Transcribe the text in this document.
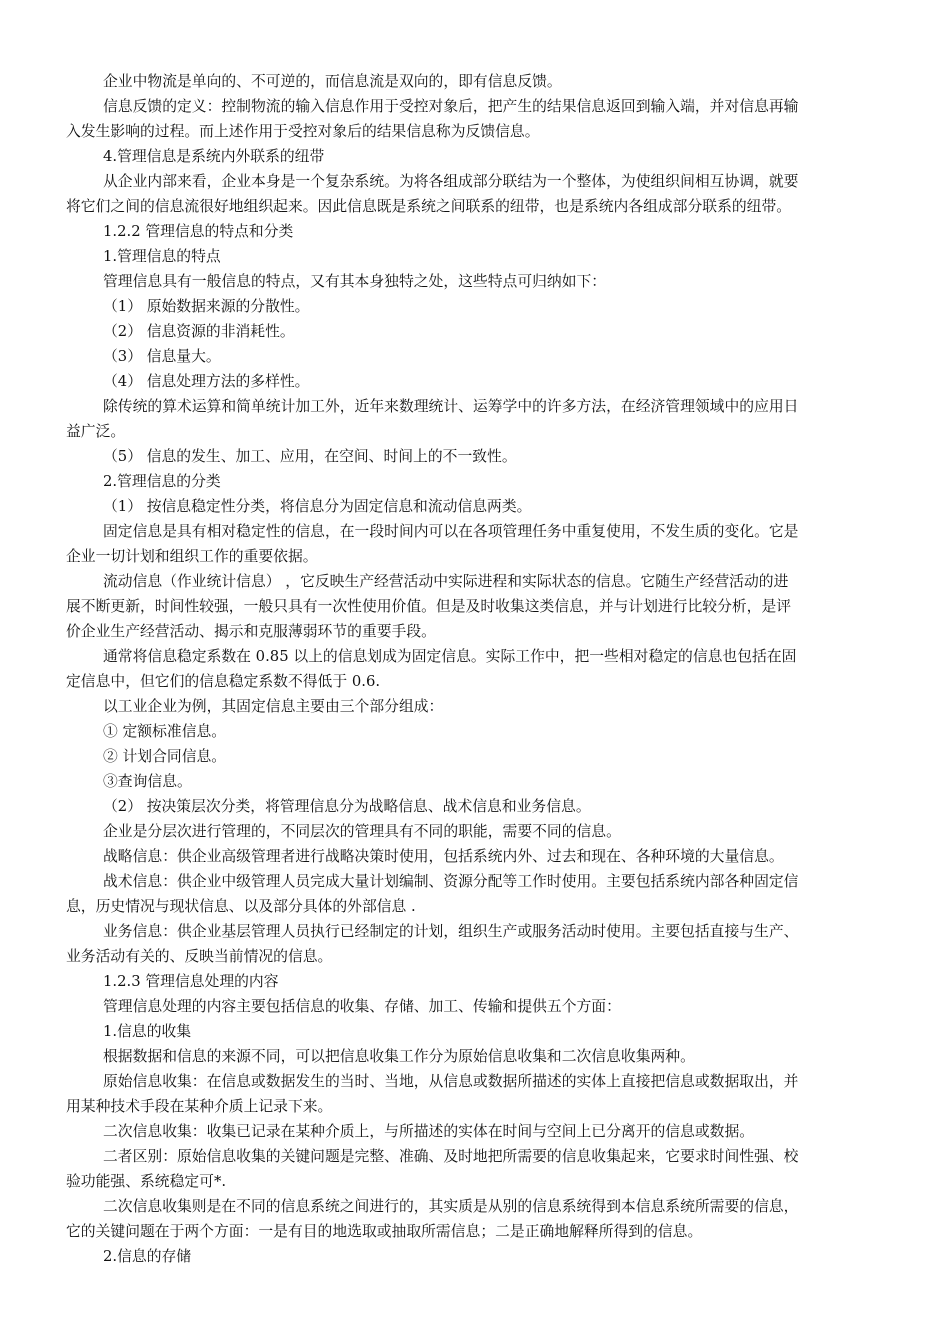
企业中物流是单向的、不可逆的，而信息流是双向的，即有信息反馈。
信息反馈的定义：控制物流的输入信息作用于受控对象后，把产生的结果信息返回到输入端，并对信息再输
入发生影响的过程。而上述作用于受控对象后的结果信息称为反馈信息。
4.管理信息是系统内外联系的纽带
从企业内部来看，企业本身是一个复杂系统。为将各组成部分联结为一个整体，为使组织间相互协调，就要
将它们之间的信息流很好地组织起来。因此信息既是系统之间联系的纽带，也是系统内各组成部分联系的纽带。
1.2.2 管理信息的特点和分类
1.管理信息的特点
管理信息具有一般信息的特点，又有其本身独特之处，这些特点可归纳如下：
（1） 原始数据来源的分散性。
（2） 信息资源的非消耗性。
（3） 信息量大。
（4） 信息处理方法的多样性。
除传统的算术运算和简单统计加工外，近年来数理统计、运筹学中的许多方法，在经济管理领域中的应用日
益广泛。
（5） 信息的发生、加工、应用，在空间、时间上的不一致性。
2.管理信息的分类
（1） 按信息稳定性分类，将信息分为固定信息和流动信息两类。
固定信息是具有相对稳定性的信息，在一段时间内可以在各项管理任务中重复使用，不发生质的变化。它是
企业一切计划和组织工作的重要依据。
流动信息（作业统计信息） ，它反映生产经营活动中实际进程和实际状态的信息。它随生产经营活动的进
展不断更新，时间性较强，一般只具有一次性使用价值。但是及时收集这类信息，并与计划进行比较分析，是评
价企业生产经营活动、揭示和克服薄弱环节的重要手段。
通常将信息稳定系数在 0.85 以上的信息划成为固定信息。实际工作中，把一些相对稳定的信息也包括在固
定信息中，但它们的信息稳定系数不得低于 0.6.
以工业企业为例，其固定信息主要由三个部分组成：
① 定额标准信息。
② 计划合同信息。
③查询信息。
（2） 按决策层次分类，将管理信息分为战略信息、战术信息和业务信息。
企业是分层次进行管理的，不同层次的管理具有不同的职能，需要不同的信息。
战略信息：供企业高级管理者进行战略决策时使用，包括系统内外、过去和现在、各种环境的大量信息。
战术信息：供企业中级管理人员完成大量计划编制、资源分配等工作时使用。主要包括系统内部各种固定信
息，历史情况与现状信息、以及部分具体的外部信息 .
业务信息：供企业基层管理人员执行已经制定的计划，组织生产或服务活动时使用。主要包括直接与生产、
业务活动有关的、反映当前情况的信息。
1.2.3 管理信息处理的内容
管理信息处理的内容主要包括信息的收集、存储、加工、传输和提供五个方面：
1.信息的收集
根据数据和信息的来源不同，可以把信息收集工作分为原始信息收集和二次信息收集两种。
原始信息收集：在信息或数据发生的当时、当地，从信息或数据所描述的实体上直接把信息或数据取出，并
用某种技术手段在某种介质上记录下来。
二次信息收集：收集已记录在某种介质上，与所描述的实体在时间与空间上已分离开的信息或数据。
二者区别：原始信息收集的关键问题是完整、准确、及时地把所需要的信息收集起来，它要求时间性强、校
验功能强、系统稳定可*.
二次信息收集则是在不同的信息系统之间进行的，其实质是从别的信息系统得到本信息系统所需要的信息，
它的关键问题在于两个方面：一是有目的地选取或抽取所需信息；二是正确地解释所得到的信息。
2.信息的存储
